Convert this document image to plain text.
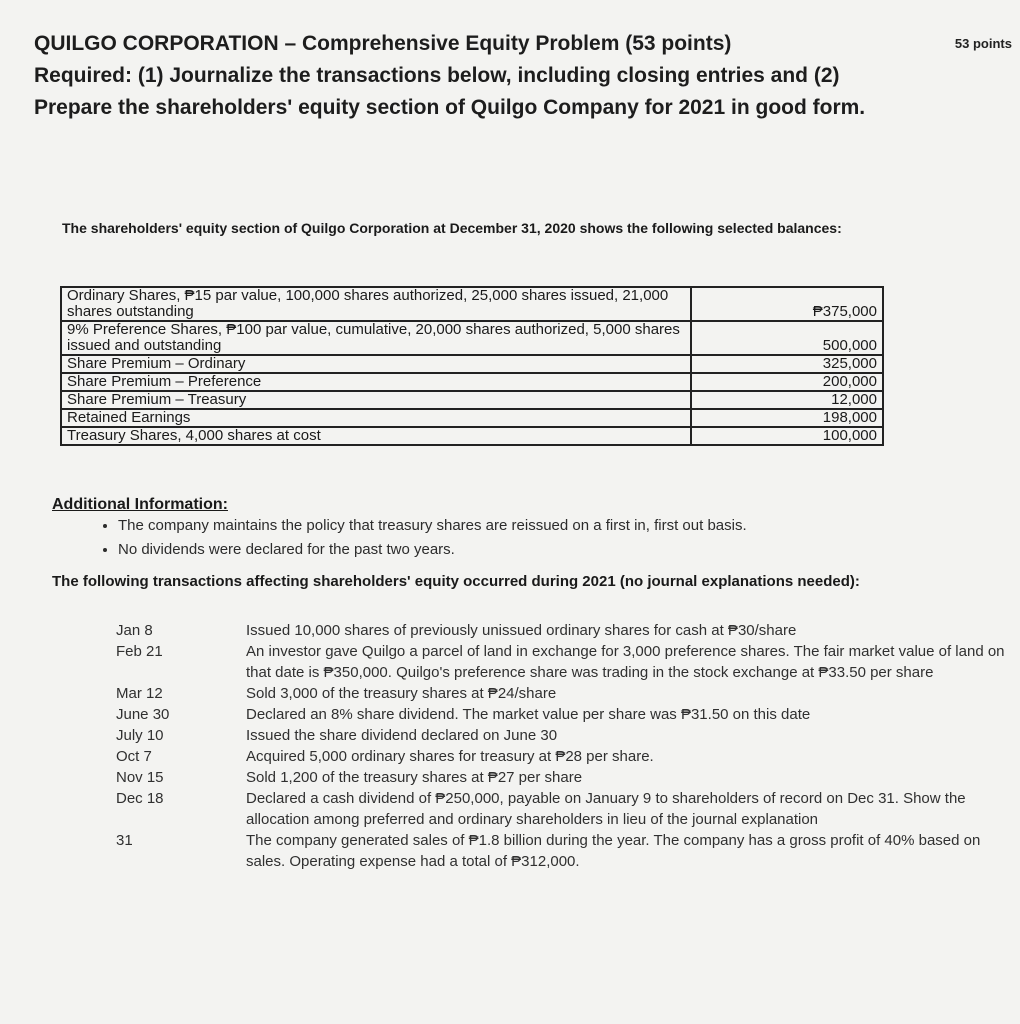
QUILGO CORPORATION – Comprehensive Equity Problem (53 points)
Required: (1) Journalize the transactions below, including closing entries and (2) Prepare the shareholders' equity section of Quilgo Company for 2021 in good form.
53 points
The shareholders' equity section of Quilgo Corporation at December 31, 2020 shows the following selected balances:
Ordinary Shares, ₱15 par value, 100,000 shares authorized, 25,000 shares issued, 21,000 shares outstanding	₱375,000
9% Preference Shares, ₱100 par value, cumulative, 20,000 shares authorized, 5,000 shares issued and outstanding	500,000
Share Premium – Ordinary	325,000
Share Premium – Preference	200,000
Share Premium – Treasury	12,000
Retained Earnings	198,000
Treasury Shares, 4,000 shares at cost	100,000
Additional Information:
• The company maintains the policy that treasury shares are reissued on a first in, first out basis.
• No dividends were declared for the past two years.
The following transactions affecting shareholders' equity occurred during 2021 (no journal explanations needed):
Jan 8	Issued 10,000 shares of previously unissued ordinary shares for cash at ₱30/share
Feb 21	An investor gave Quilgo a parcel of land in exchange for 3,000 preference shares. The fair market value of land on that date is ₱350,000. Quilgo's preference share was trading in the stock exchange at ₱33.50 per share
Mar 12	Sold 3,000 of the treasury shares at ₱24/share
June 30	Declared an 8% share dividend. The market value per share was ₱31.50 on this date
July 10	Issued the share dividend declared on June 30
Oct 7	Acquired 5,000 ordinary shares for treasury at ₱28 per share.
Nov 15	Sold 1,200 of the treasury shares at ₱27 per share
Dec 18	Declared a cash dividend of ₱250,000, payable on January 9 to shareholders of record on Dec 31. Show the allocation among preferred and ordinary shareholders in lieu of the journal explanation
31	The company generated sales of ₱1.8 billion during the year. The company has a gross profit of 40% based on sales. Operating expense had a total of ₱312,000.
